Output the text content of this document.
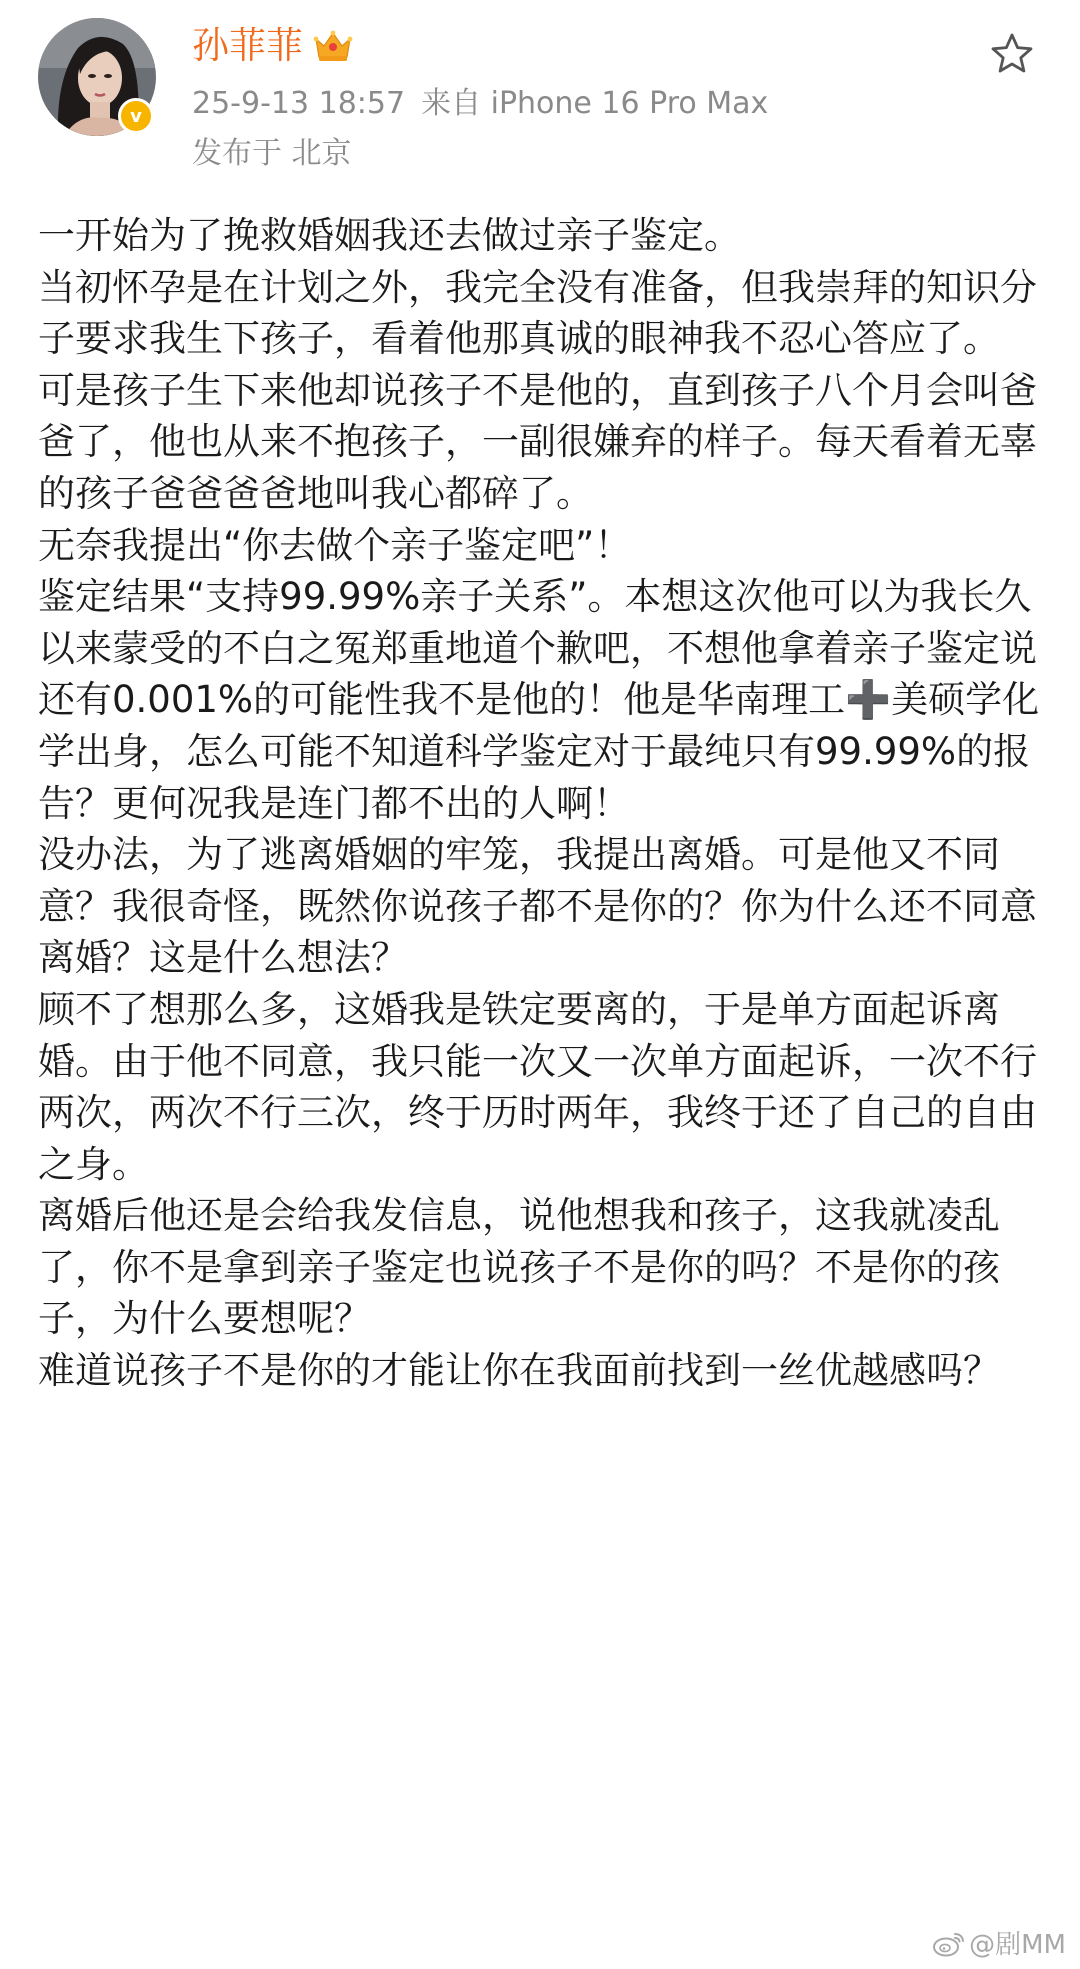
v
孙菲菲
25-9-13 18:57 来自 iPhone 16 Pro Max
发布于 北京

一开始为了挽救婚姻我还去做过亲子鉴定。

当初怀孕是在计划之外，我完全没有准备，但我崇拜的知识分子要求我生下孩子，看着他那真诚的眼神我不忍心答应了。

可是孩子生下来他却说孩子不是他的，直到孩子八个月会叫爸爸了，他也从来不抱孩子，一副很嫌弃的样子。每天看着无辜的孩子爸爸爸爸地叫我心都碎了。

无奈我提出“你去做个亲子鉴定吧”！

鉴定结果“支持99.99%亲子关系”。本想这次他可以为我长久以来蒙受的不白之冤郑重地道个歉吧，不想他拿着亲子鉴定说还有0.001%的可能性我不是他的！他是华南理工➕美硕学化学出身，怎么可能不知道科学鉴定对于最纯只有99.99%的报告？更何况我是连门都不出的人啊！

没办法，为了逃离婚姻的牢笼，我提出离婚。可是他又不同意？我很奇怪，既然你说孩子都不是你的？你为什么还不同意离婚？这是什么想法？

顾不了想那么多，这婚我是铁定要离的，于是单方面起诉离婚。由于他不同意，我只能一次又一次单方面起诉，一次不行两次，两次不行三次，终于历时两年，我终于还了自己的自由之身。

离婚后他还是会给我发信息，说他想我和孩子，这我就凌乱了，你不是拿到亲子鉴定也说孩子不是你的吗？不是你的孩子，为什么要想呢？

难道说孩子不是你的才能让你在我面前找到一丝优越感吗？

@剧MM
